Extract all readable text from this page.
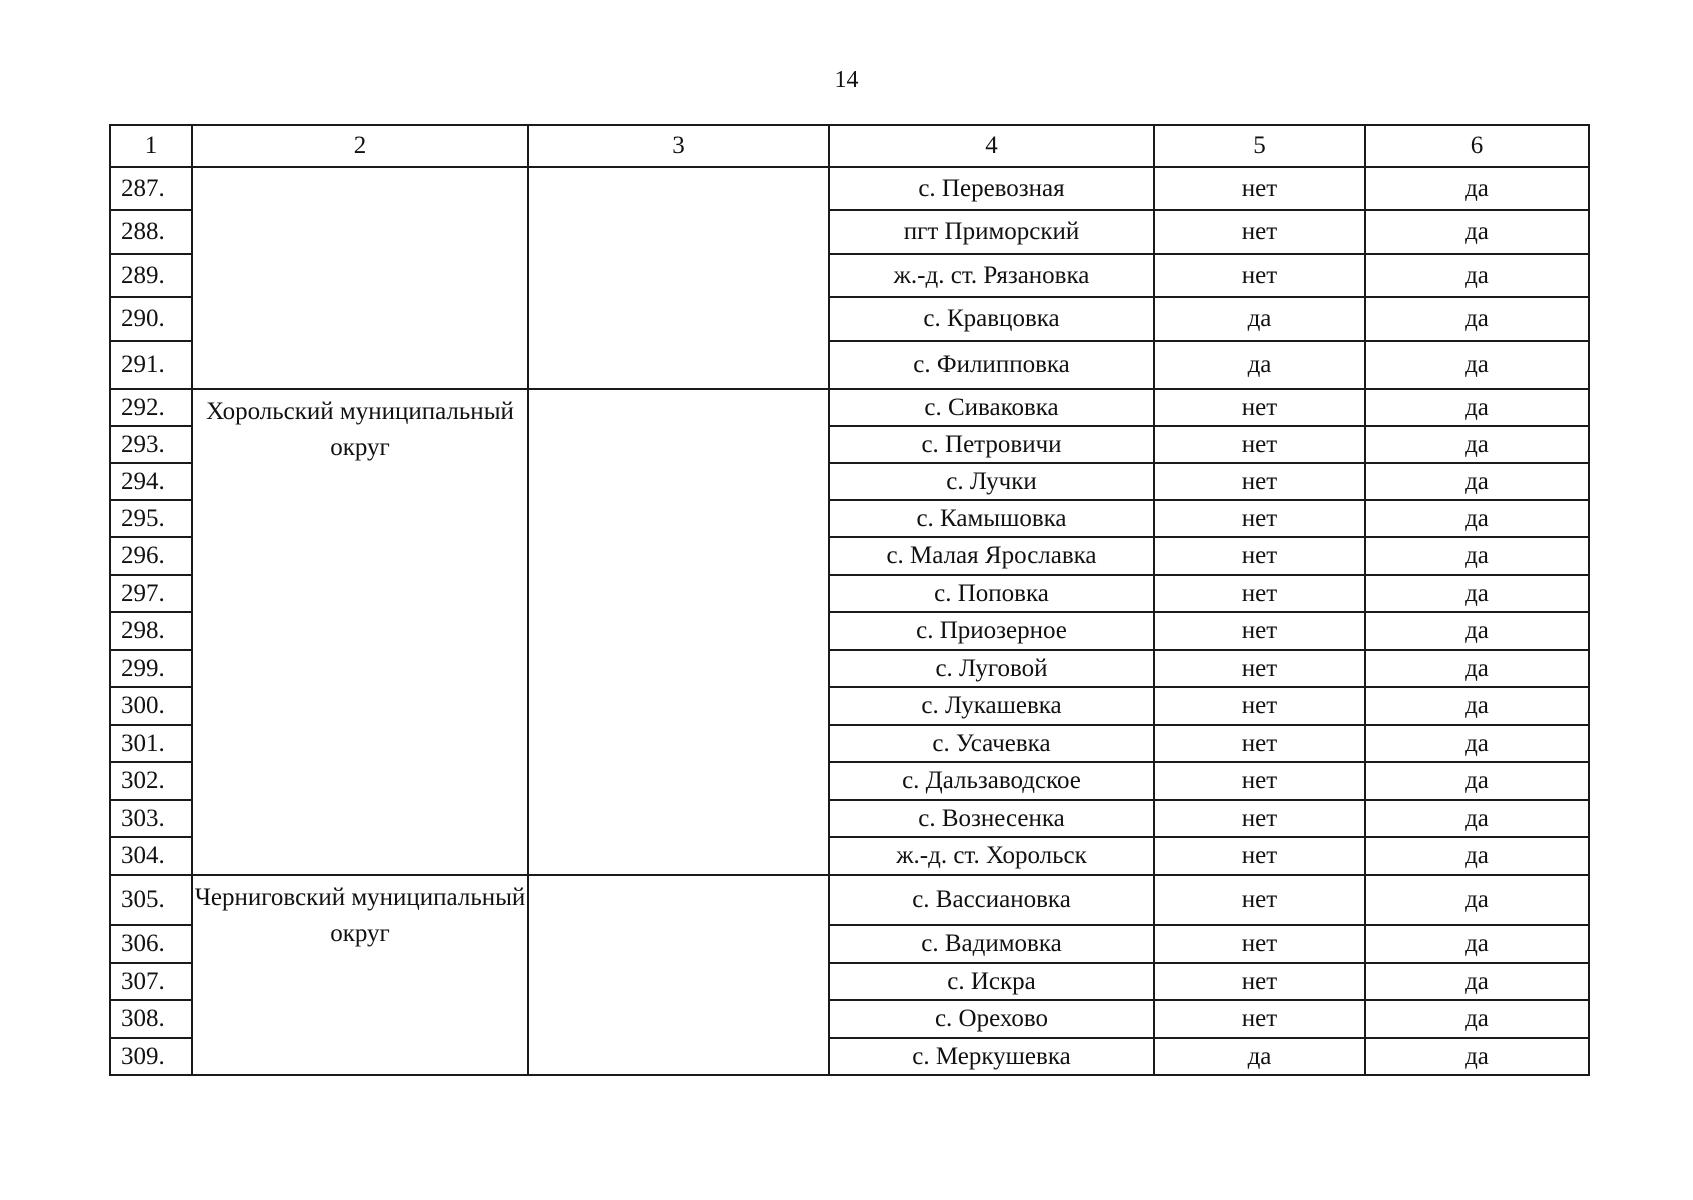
14
1	2	3	4	5	6
287.			с. Перевозная	нет	да
288.			пгт Приморский	нет	да
289.			ж.-д. ст. Рязановка	нет	да
290.			с. Кравцовка	да	да
291.			с. Филипповка	да	да
292.	Хорольский муниципальный округ		с. Сиваковка	нет	да
293.			с. Петровичи	нет	да
294.			с. Лучки	нет	да
295.			с. Камышовка	нет	да
296.			с. Малая Ярославка	нет	да
297.			с. Поповка	нет	да
298.			с. Приозерное	нет	да
299.			с. Луговой	нет	да
300.			с. Лукашевка	нет	да
301.			с. Усачевка	нет	да
302.			с. Дальзаводское	нет	да
303.			с. Вознесенка	нет	да
304.			ж.-д. ст. Хорольск	нет	да
305.	Черниговский муниципальный округ		с. Вассиановка	нет	да
306.			с. Вадимовка	нет	да
307.			с. Искра	нет	да
308.			с. Орехово	нет	да
309.			с. Меркушевка	да	да
